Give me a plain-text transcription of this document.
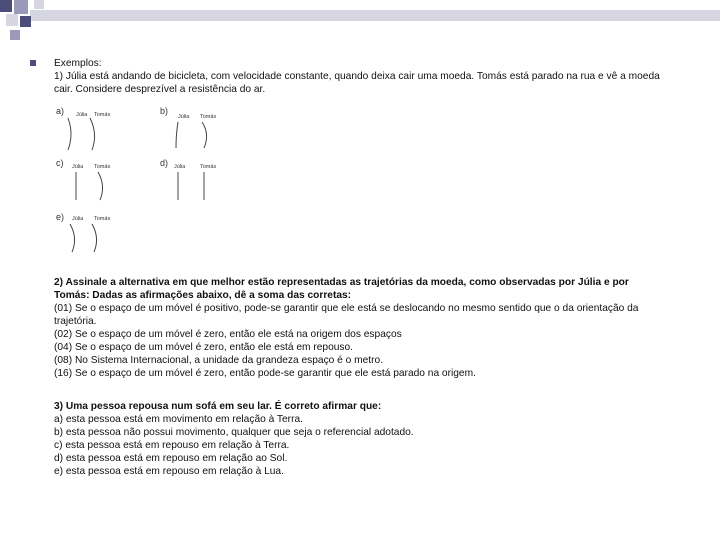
Exemplos:

1) Júlia está andando de bicicleta, com velocidade constante, quando deixa cair uma moeda. Tomás está parado na rua e vê a moeda cair. Considere desprezível a resistência do ar.

a) Júlia Tomás	b)
Júlia Tomás
c) Júlia Tomás	d) Júlia	Tomás
e) Júlia Tomás

2) Assinale a alternativa em que melhor estão representadas as trajetórias da moeda, como observadas por Júlia e por Tomás: Dadas as afirmações abaixo, dê a soma das corretas:

(01) Se o espaço de um móvel é positivo, pode-se garantir que ele está se deslocando no mesmo sentido que o da orientação da trajetória.

(02) Se o espaço de um móvel é zero, então ele está na origem dos espaços

(04) Se o espaço de um móvel é zero, então ele está em repouso.

(08) No Sistema Internacional, a unidade da grandeza espaço é o metro.

(16) Se o espaço de um móvel é zero, então pode-se garantir que ele está parado na origem.

3) Uma pessoa repousa num sofá em seu lar. É correto afirmar que:

a) esta pessoa está em movimento em relação à Terra.

b) esta pessoa não possui movimento, qualquer que seja o referencial adotado.

c) esta pessoa está em repouso em relação à Terra.

d) esta pessoa está em repouso em relação ao Sol.

e) esta pessoa está em repouso em relação à Lua.
